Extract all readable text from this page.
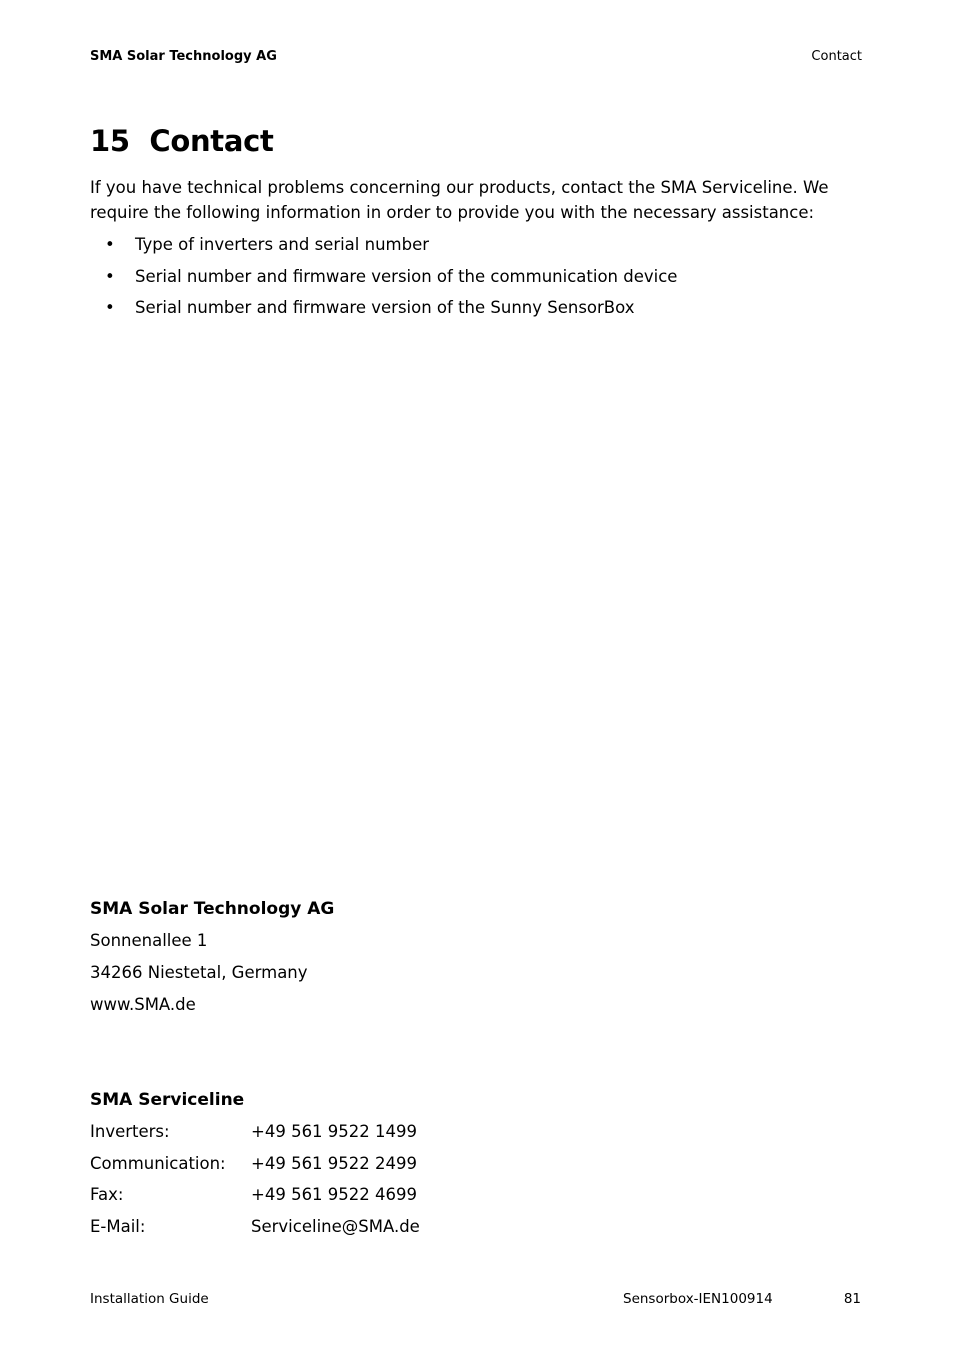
SMA Solar Technology AG	Contact
15 Contact
If you have technical problems concerning our products, contact the SMA Serviceline. We require the following information in order to provide you with the necessary assistance:
• Type of inverters and serial number
• Serial number and firmware version of the communication device
• Serial number and firmware version of the Sunny SensorBox
SMA Solar Technology AG
Sonnenallee 1
34266 Niestetal, Germany
www.SMA.de
SMA Serviceline
Inverters:	+49 561 9522 1499
Communication: +49 561 9522 2499
Fax:	+49 561 9522 4699
E-Mail:	Serviceline@SMA.de
Installation Guide	Sensorbox-IEN100914	81
